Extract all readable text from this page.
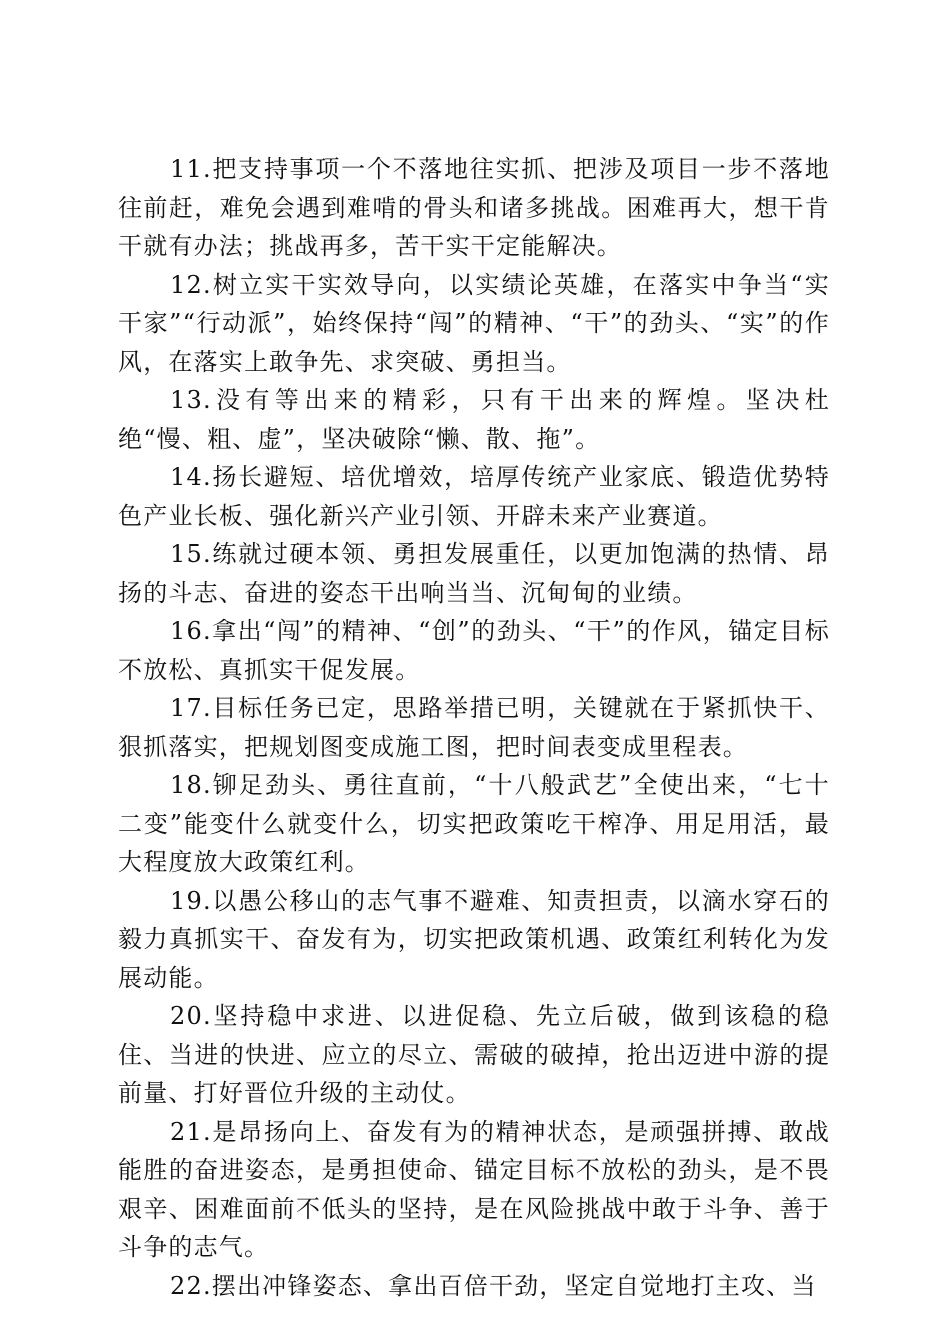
11.把支持事项一个不落地往实抓、把涉及项目一步不落地往前赶，难免会遇到难啃的骨头和诸多挑战。困难再大，想干肯干就有办法；挑战再多，苦干实干定能解决。

12.树立实干实效导向，以实绩论英雄，在落实中争当“实干家”“行动派”，始终保持“闯”的精神、“干”的劲头、“实”的作风，在落实上敢争先、求突破、勇担当。

13.没有等出来的精彩，只有干出来的辉煌。坚决杜绝“慢、粗、虚”，坚决破除“懒、散、拖”。

14.扬长避短、培优增效，培厚传统产业家底、锻造优势特色产业长板、强化新兴产业引领、开辟未来产业赛道。

15.练就过硬本领、勇担发展重任，以更加饱满的热情、昂扬的斗志、奋进的姿态干出响当当、沉甸甸的业绩。

16.拿出“闯”的精神、“创”的劲头、“干”的作风，锚定目标不放松、真抓实干促发展。

17.目标任务已定，思路举措已明，关键就在于紧抓快干、狠抓落实，把规划图变成施工图，把时间表变成里程表。

18.铆足劲头、勇往直前，“十八般武艺”全使出来，“七十二变”能变什么就变什么，切实把政策吃干榨净、用足用活，最大程度放大政策红利。

19.以愚公移山的志气事不避难、知责担责，以滴水穿石的毅力真抓实干、奋发有为，切实把政策机遇、政策红利转化为发展动能。

20.坚持稳中求进、以进促稳、先立后破，做到该稳的稳住、当进的快进、应立的尽立、需破的破掉，抢出迈进中游的提前量、打好晋位升级的主动仗。

21.是昂扬向上、奋发有为的精神状态，是顽强拼搏、敢战能胜的奋进姿态，是勇担使命、锚定目标不放松的劲头，是不畏艰辛、困难面前不低头的坚持，是在风险挑战中敢于斗争、善于斗争的志气。

22.摆出冲锋姿态、拿出百倍干劲，坚定自觉地打主攻、当
